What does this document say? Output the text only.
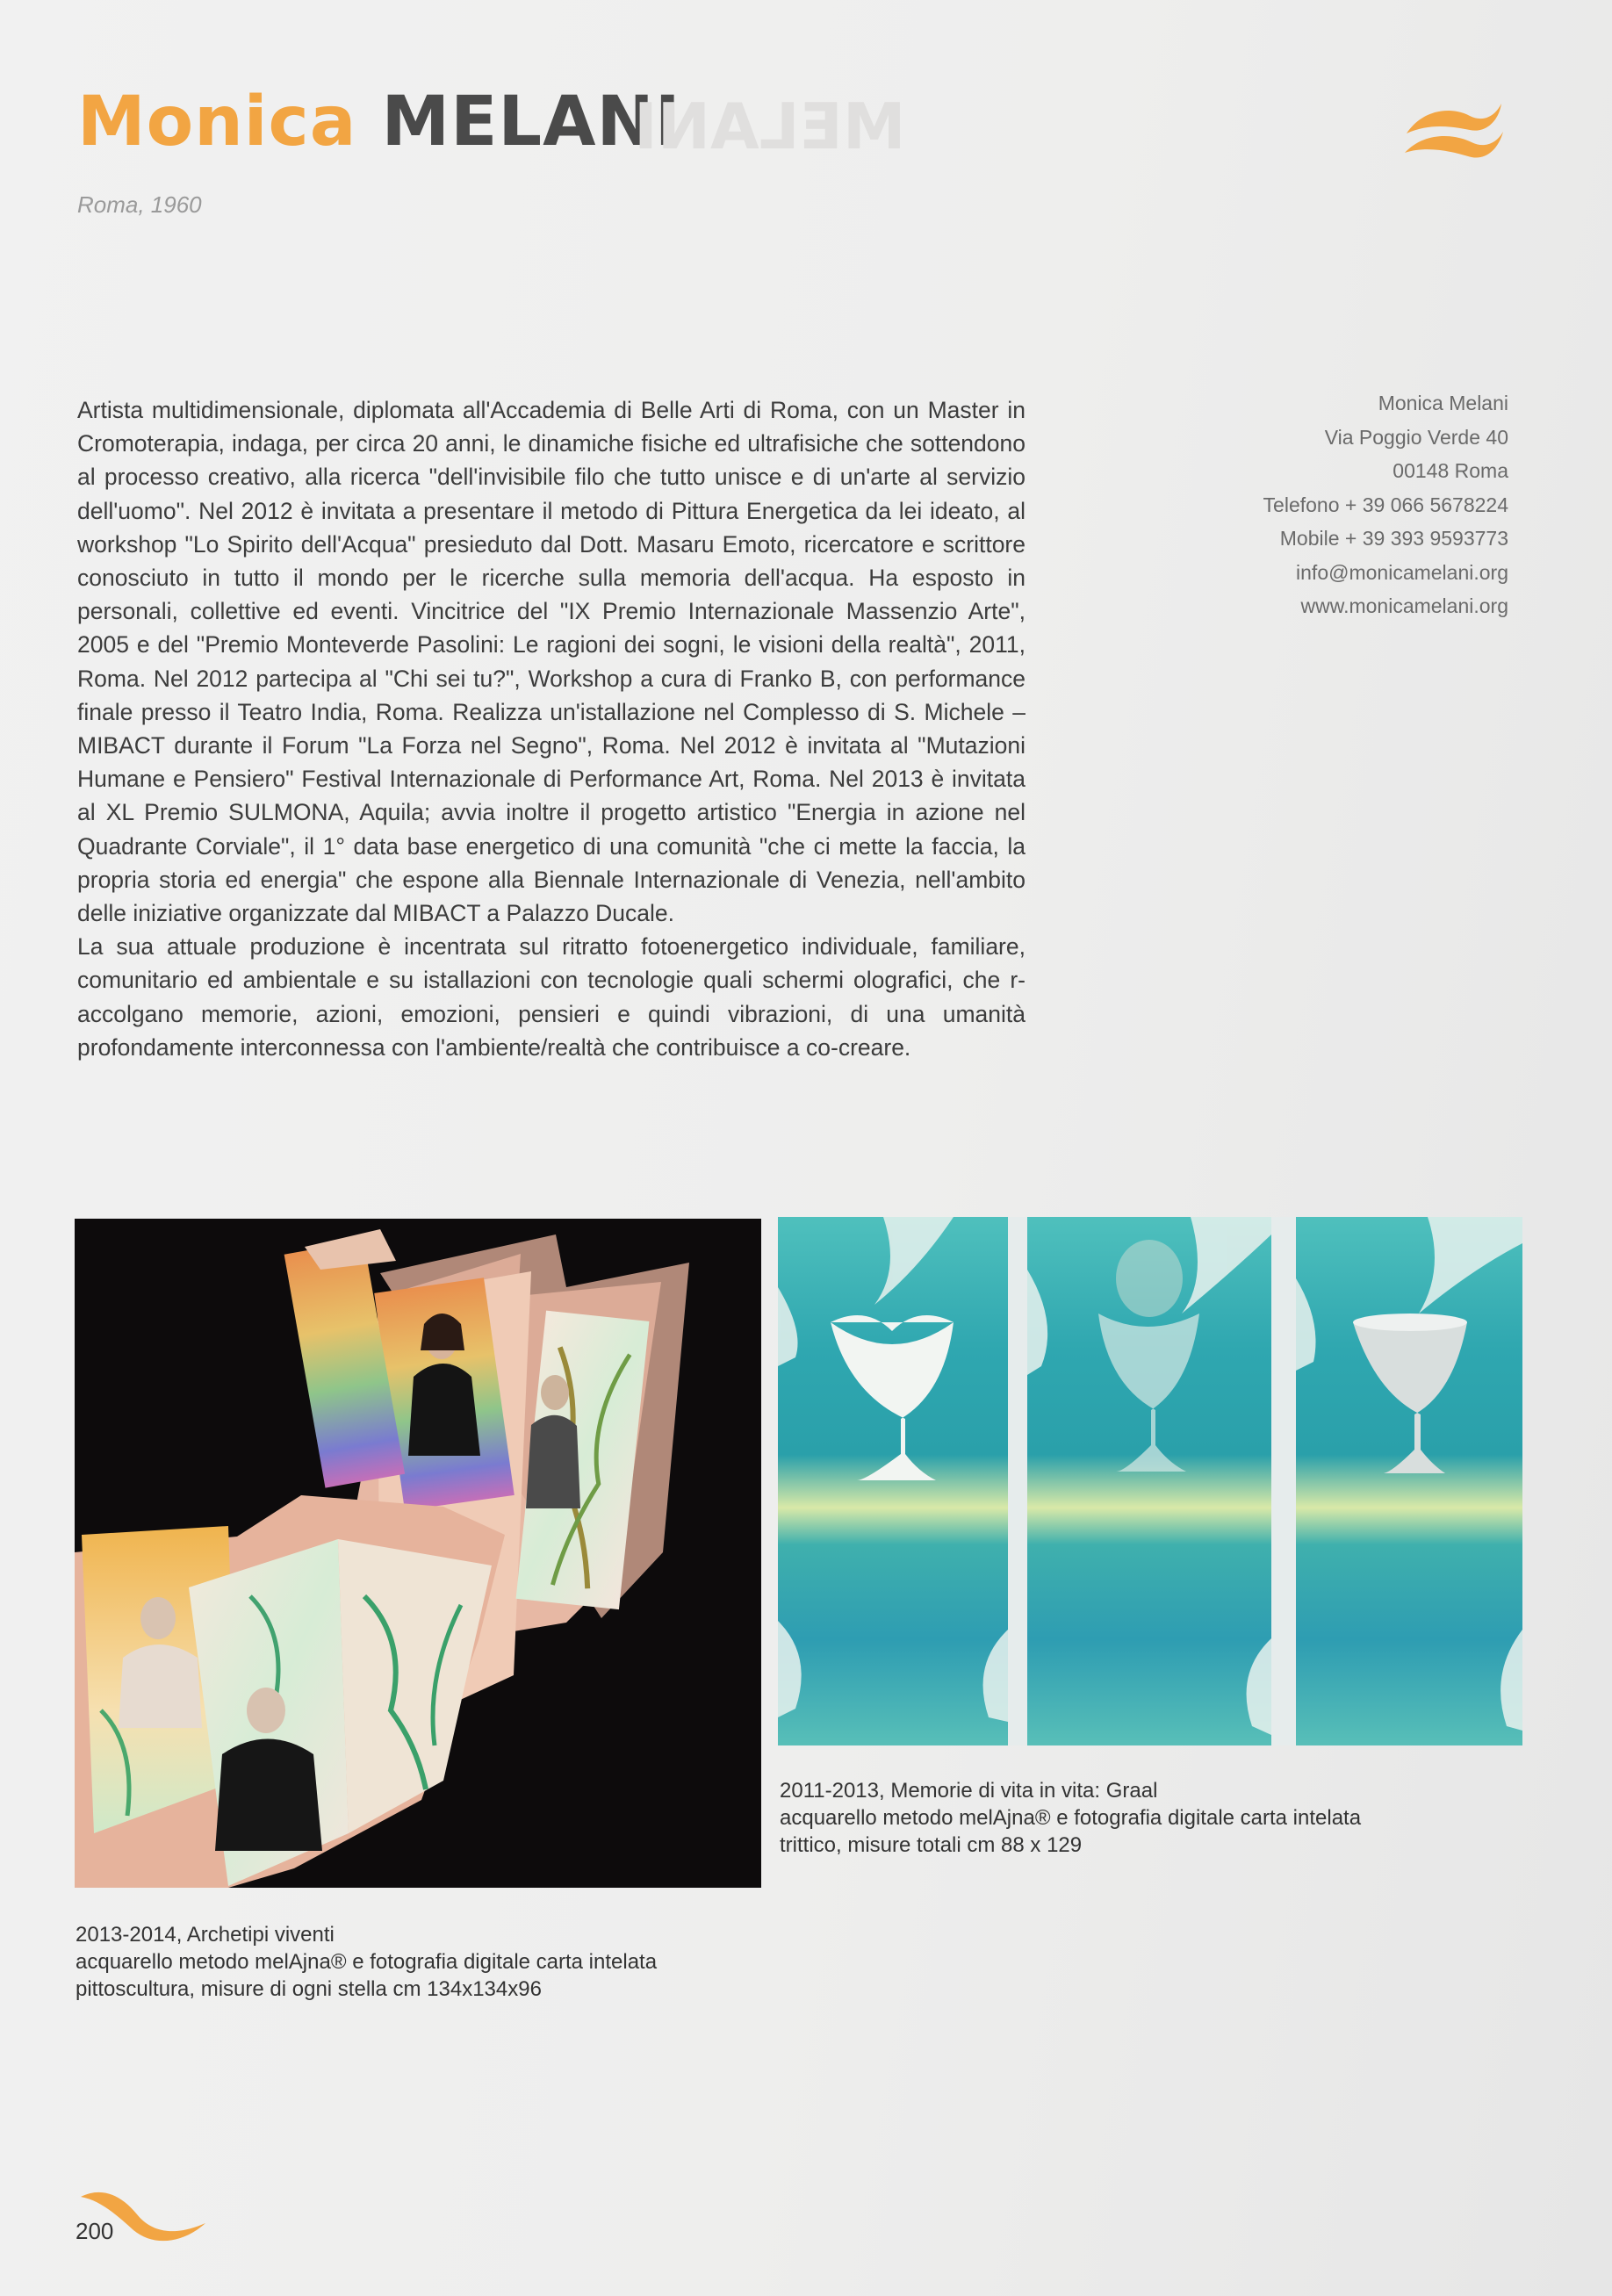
Monica MELANI
MELANI
Roma, 1960

Artista multidimensionale, diplomata all'Accademia di Belle Arti di Roma, con un Master in Cromoterapia, indaga, per circa 20 anni, le dinamiche fisiche ed ultrafisiche che sottendono al processo creativo, alla ricerca "dell'invisibile filo che tutto unisce e di un'arte al servizio dell'uomo". Nel 2012 è invitata a presentare il metodo di Pittura Energetica da lei ideato, al workshop "Lo Spirito dell'Acqua" presieduto dal Dott. Masaru Emoto, ricercatore e scrittore conosciuto in tutto il mondo per le ricerche sulla memoria dell'acqua. Ha esposto in personali, collettive ed eventi. Vincitrice del "IX Premio Internazionale Massenzio Arte", 2005 e del "Premio Monteverde Pasolini: Le ragioni dei sogni, le visioni della realtà", 2011, Roma. Nel 2012 partecipa al "Chi sei tu?", Workshop a cura di Franko B, con performance finale presso il Teatro India, Roma. Realizza un'istallazione nel Complesso di S. Michele –MIBACT durante il Forum "La Forza nel Segno", Roma. Nel 2012 è invitata al "Mutazioni Humane e Pensiero" Festival Internazionale di Performance Art, Roma. Nel 2013 è invitata al XL Premio SULMONA, Aquila; avvia inoltre il progetto artistico "Energia in azione nel Quadrante Corviale", il 1° data base energetico di una comunità "che ci mette la faccia, la propria storia ed energia" che espone alla Biennale Internazionale di Venezia, nell'ambito delle iniziative organizzate dal MIBACT a Palazzo Ducale.

La sua attuale produzione è incentrata sul ritratto fotoenergetico individuale, familiare, comunitario ed ambientale e su istallazioni con tecnologie quali schermi olografici, che r-accolgano memorie, azioni, emozioni, pensieri e quindi vibrazioni, di una umanità profondamente interconnessa con l'ambiente/realtà che contribuisce a co-creare.

Monica Melani
Via Poggio Verde 40
00148 Roma
Telefono + 39 066 5678224
Mobile + 39 393 9593773
info@monicamelani.org
www.monicamelani.org
2011-2013, Memorie di vita in vita: Graal
acquarello metodo melAjna® e fotografia digitale carta intelata
trittico, misure totali cm 88 x 129
2013-2014, Archetipi viventi
acquarello metodo melAjna® e fotografia digitale carta intelata
pittoscultura, misure di ogni stella cm 134x134x96
200
